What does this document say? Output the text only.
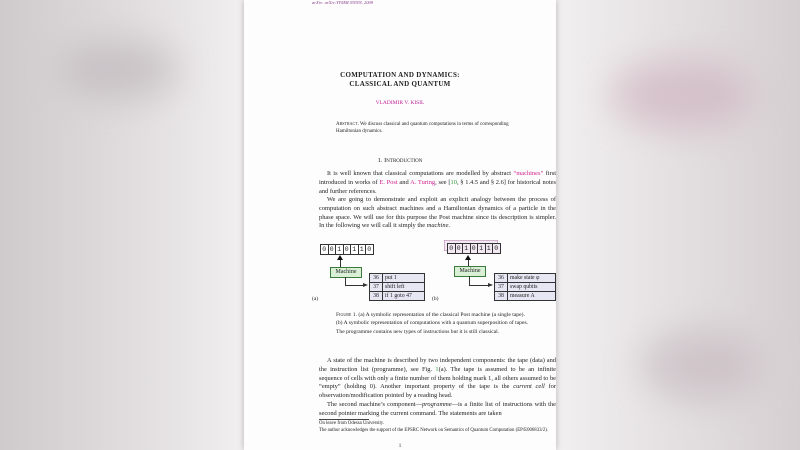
arXiv: arXiv:YYMM.NNNN, 2009
COMPUTATION AND DYNAMICS:
CLASSICAL AND QUANTUM
VLADIMIR V. KISIL
Abstract. We discuss classical and quantum computations in terms of corresponding Hamiltonian dynamics.
1. Introduction
It is well known that classical computations are modelled by abstract “machines” first introduced in works of E. Post and A. Turing, see [10, § 1.4.5 and § 2.6] for historical notes and further references.
We are going to demonstrate and exploit an explicit analogy between the process of computation on such abstract machines and a Hamiltonian dynamics of a particle in the phase space. We will use for this purpose the Post machine since its description is simpler. In the following we will call it simply the machine.
0 0 1 0 1 1 0
Machine
36	put 1
37	shift left
38	if 1 goto 47
(a)
0 0 1 0 1 1 0
Machine
36	make state φ
37	swap qubits
38	measure A
(b)
Figure 1. (a) A symbolic representation of the classical Post machine (a single tape).
(b) A symbolic representation of computations with a quantum superposition of tapes. The programme contains new types of instructions but it is still classical.
A state of the machine is described by two independent components: the tape (data) and the instruction list (programme), see Fig. 1(a). The tape is assumed to be an infinite sequence of cells with only a finite number of them holding mark 1, all others assumed to be “empty” (holding 0). Another important property of the tape is the current cell for observation/modification pointed by a reading head.
The second machine’s component—programme—is a finite list of instructions with the second pointer marking the current command. The statements are taken
On leave from Odessa University.
The author acknowledges the support of the EPSRC Network on Semantics of Quantum Computation (EP/E006833/2).
1
